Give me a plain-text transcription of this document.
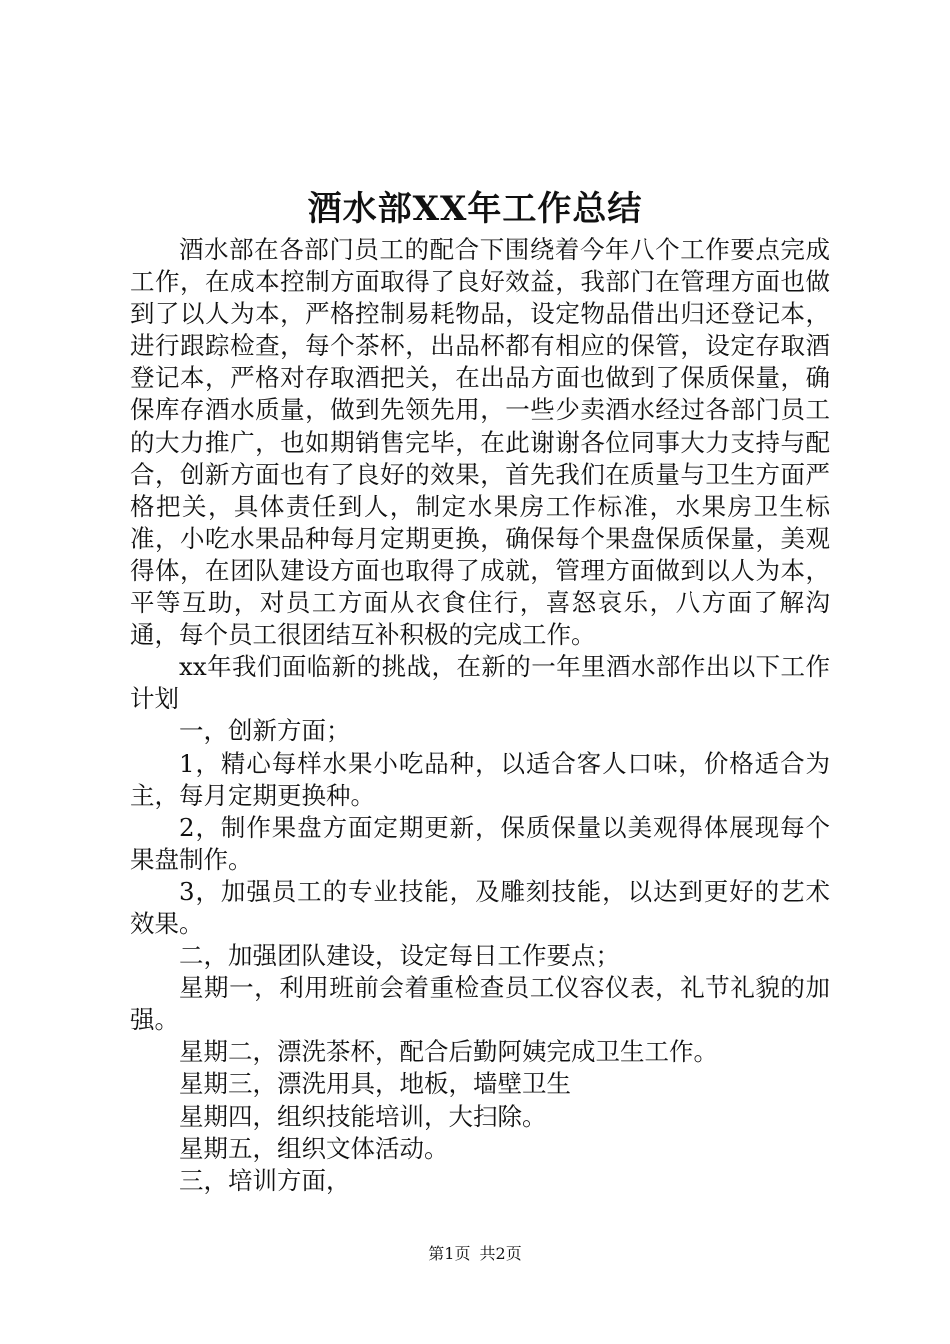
酒水部XX年工作总结

酒水部在各部门员工的配合下围绕着今年八个工作要点完成工作，在成本控制方面取得了良好效益，我部门在管理方面也做到了以人为本，严格控制易耗物品，设定物品借出归还登记本，进行跟踪检查，每个茶杯，出品杯都有相应的保管，设定存取酒登记本，严格对存取酒把关，在出品方面也做到了保质保量，确保库存酒水质量，做到先领先用，一些少卖酒水经过各部门员工的大力推广，也如期销售完毕，在此谢谢各位同事大力支持与配合，创新方面也有了良好的效果，首先我们在质量与卫生方面严格把关，具体责任到人，制定水果房工作标准，水果房卫生标准，小吃水果品种每月定期更换，确保每个果盘保质保量，美观得体，在团队建设方面也取得了成就，管理方面做到以人为本，平等互助，对员工方面从衣食住行，喜怒哀乐，八方面了解沟通，每个员工很团结互补积极的完成工作。

xx年我们面临新的挑战，在新的一年里酒水部作出以下工作计划

一，创新方面；

1，精心每样水果小吃品种，以适合客人口味，价格适合为主，每月定期更换种。

2，制作果盘方面定期更新，保质保量以美观得体展现每个果盘制作。

3，加强员工的专业技能，及雕刻技能，以达到更好的艺术效果。

二，加强团队建设，设定每日工作要点；

星期一，利用班前会着重检查员工仪容仪表，礼节礼貌的加强。

星期二，漂洗茶杯，配合后勤阿姨完成卫生工作。

星期三，漂洗用具，地板，墙壁卫生

星期四，组织技能培训，大扫除。

星期五，组织文体活动。

三，培训方面，

第1页 共2页
